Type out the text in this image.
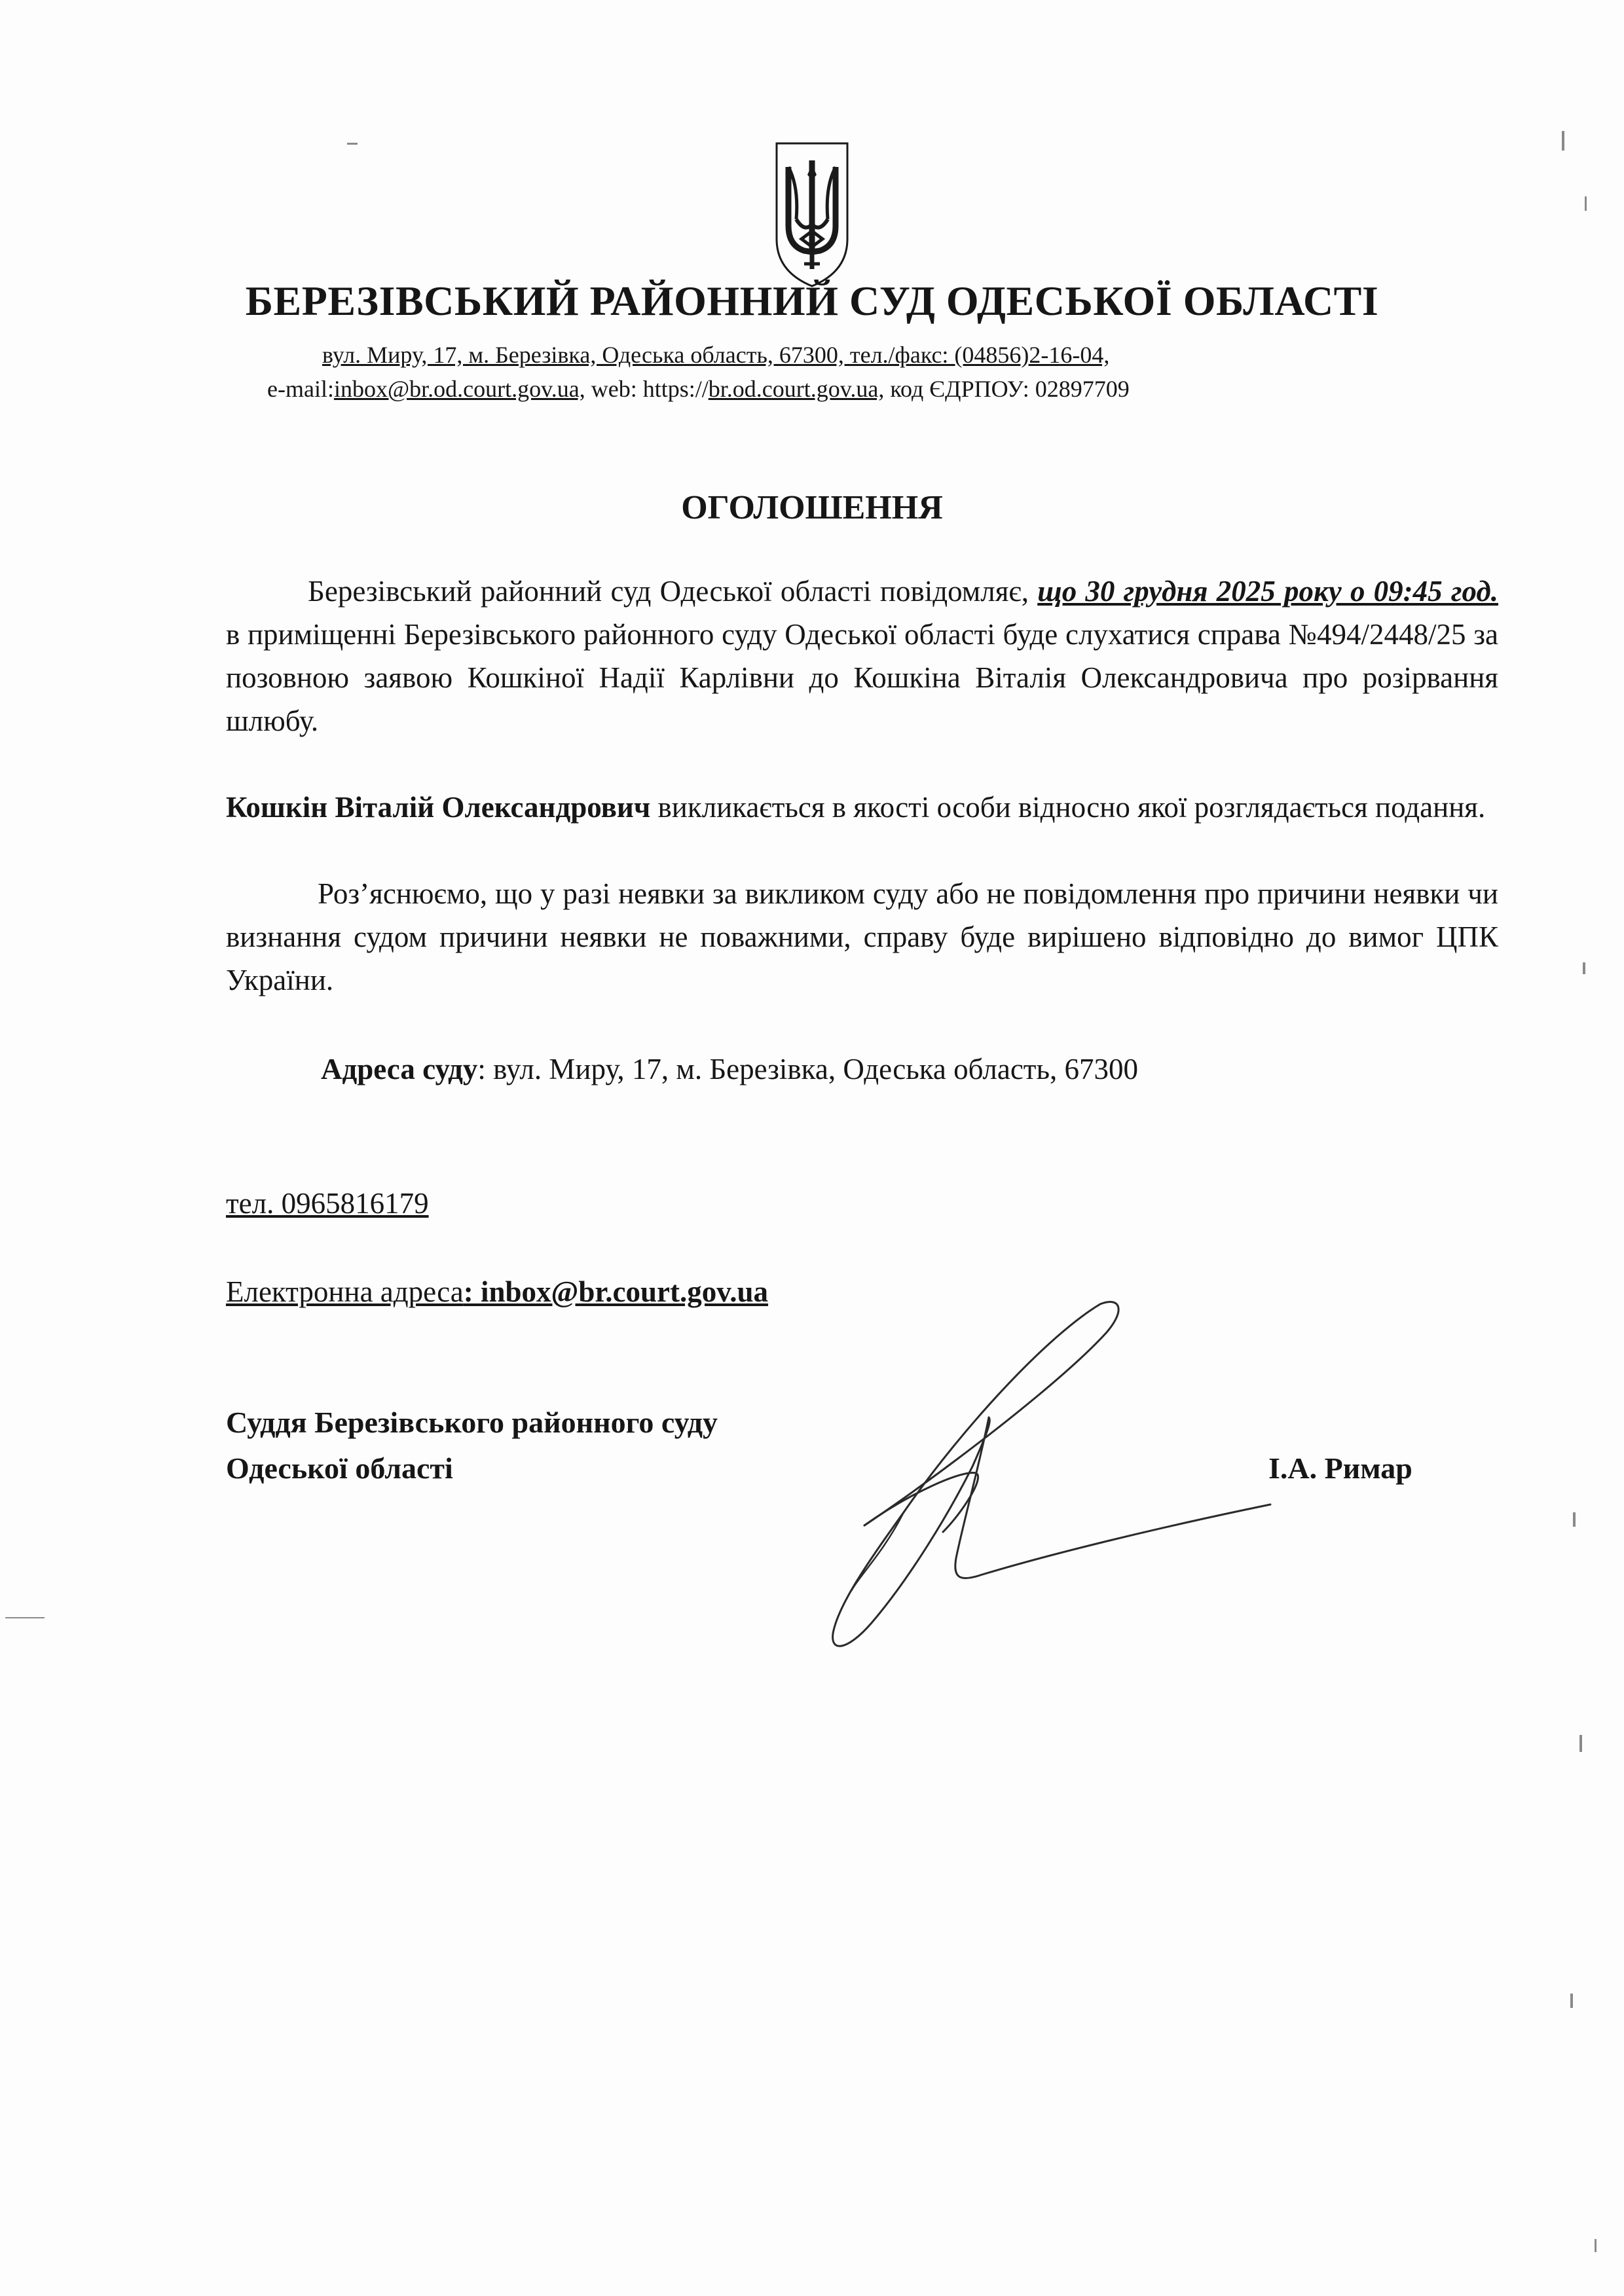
БЕРЕЗІВСЬКИЙ РАЙОННИЙ СУД ОДЕСЬКОЇ ОБЛАСТІ
вул. Миру, 17, м. Березівка, Одеська область, 67300, тел./факс: (04856)2-16-04,
e-mail:inbox@br.od.court.gov.ua, web: https://br.od.court.gov.ua, код ЄДРПОУ: 02897709
ОГОЛОШЕННЯ
Березівський районний суд Одеської області повідомляє, що 30 грудня 2025 року о 09:45 год. в приміщенні Березівського районного суду Одеської області буде слухатися справа №494/2448/25 за позовною заявою Кошкіної Надії Карлівни до Кошкіна Віталія Олександровича про розірвання шлюбу.
Кошкін Віталій Олександрович викликається в якості особи відносно якої розглядається подання.
Роз’яснюємо, що у разі неявки за викликом суду або не повідомлення про причини неявки чи визнання судом причини неявки не поважними, справу буде вирішено відповідно до вимог ЦПК України.
Адреса суду: вул. Миру, 17, м. Березівка, Одеська область, 67300
тел. 0965816179
Електронна адреса: inbox@br.court.gov.ua
Суддя Березівського районного суду
Одеської області	І.А. Римар
